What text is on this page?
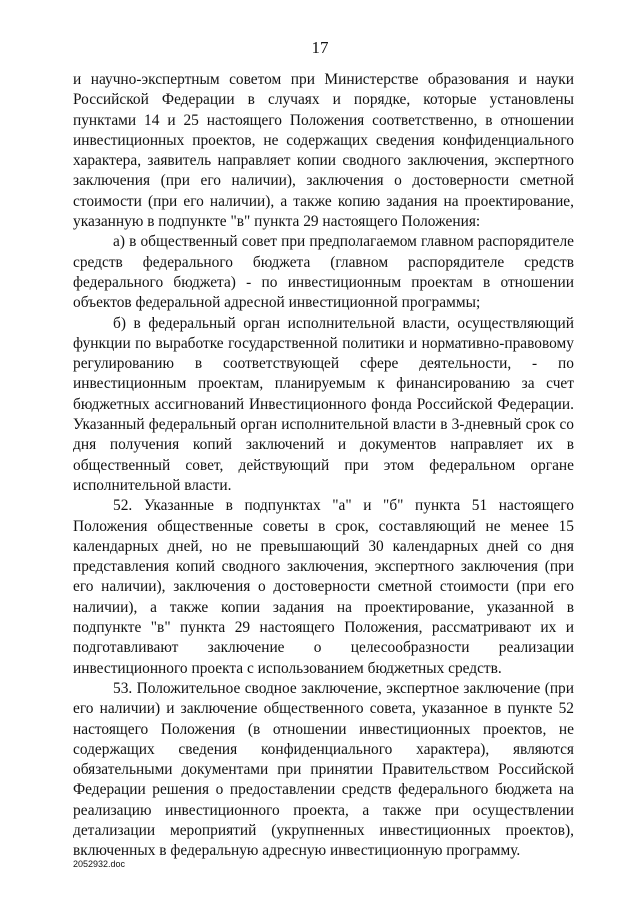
17

и научно-экспертным советом при Министерстве образования и науки Российской Федерации в случаях и порядке, которые установлены пунктами 14 и 25 настоящего Положения соответственно, в отношении инвестиционных проектов, не содержащих сведения конфиденциального характера, заявитель направляет копии сводного заключения, экспертного заключения (при его наличии), заключения о достоверности сметной стоимости (при его наличии), а также копию задания на проектирование, указанную в подпункте "в" пункта 29 настоящего Положения:

а) в общественный совет при предполагаемом главном распорядителе средств федерального бюджета (главном распорядителе средств федерального бюджета) - по инвестиционным проектам в отношении объектов федеральной адресной инвестиционной программы;

б) в федеральный орган исполнительной власти, осуществляющий функции по выработке государственной политики и нормативно-правовому регулированию в соответствующей сфере деятельности, - по инвестиционным проектам, планируемым к финансированию за счет бюджетных ассигнований Инвестиционного фонда Российской Федерации. Указанный федеральный орган исполнительной власти в 3-дневный срок со дня получения копий заключений и документов направляет их в общественный совет, действующий при этом федеральном органе исполнительной власти.

52. Указанные в подпунктах "а" и "б" пункта 51 настоящего Положения общественные советы в срок, составляющий не менее 15 календарных дней, но не превышающий 30 календарных дней со дня представления копий сводного заключения, экспертного заключения (при его наличии), заключения о достоверности сметной стоимости (при его наличии), а также копии задания на проектирование, указанной в подпункте "в" пункта 29 настоящего Положения, рассматривают их и подготавливают заключение о целесообразности реализации инвестиционного проекта с использованием бюджетных средств.

53. Положительное сводное заключение, экспертное заключение (при его наличии) и заключение общественного совета, указанное в пункте 52 настоящего Положения (в отношении инвестиционных проектов, не содержащих сведения конфиденциального характера), являются обязательными документами при принятии Правительством Российской Федерации решения о предоставлении средств федерального бюджета на реализацию инвестиционного проекта, а также при осуществлении детализации мероприятий (укрупненных инвестиционных проектов), включенных в федеральную адресную инвестиционную программу.

2052932.doc
